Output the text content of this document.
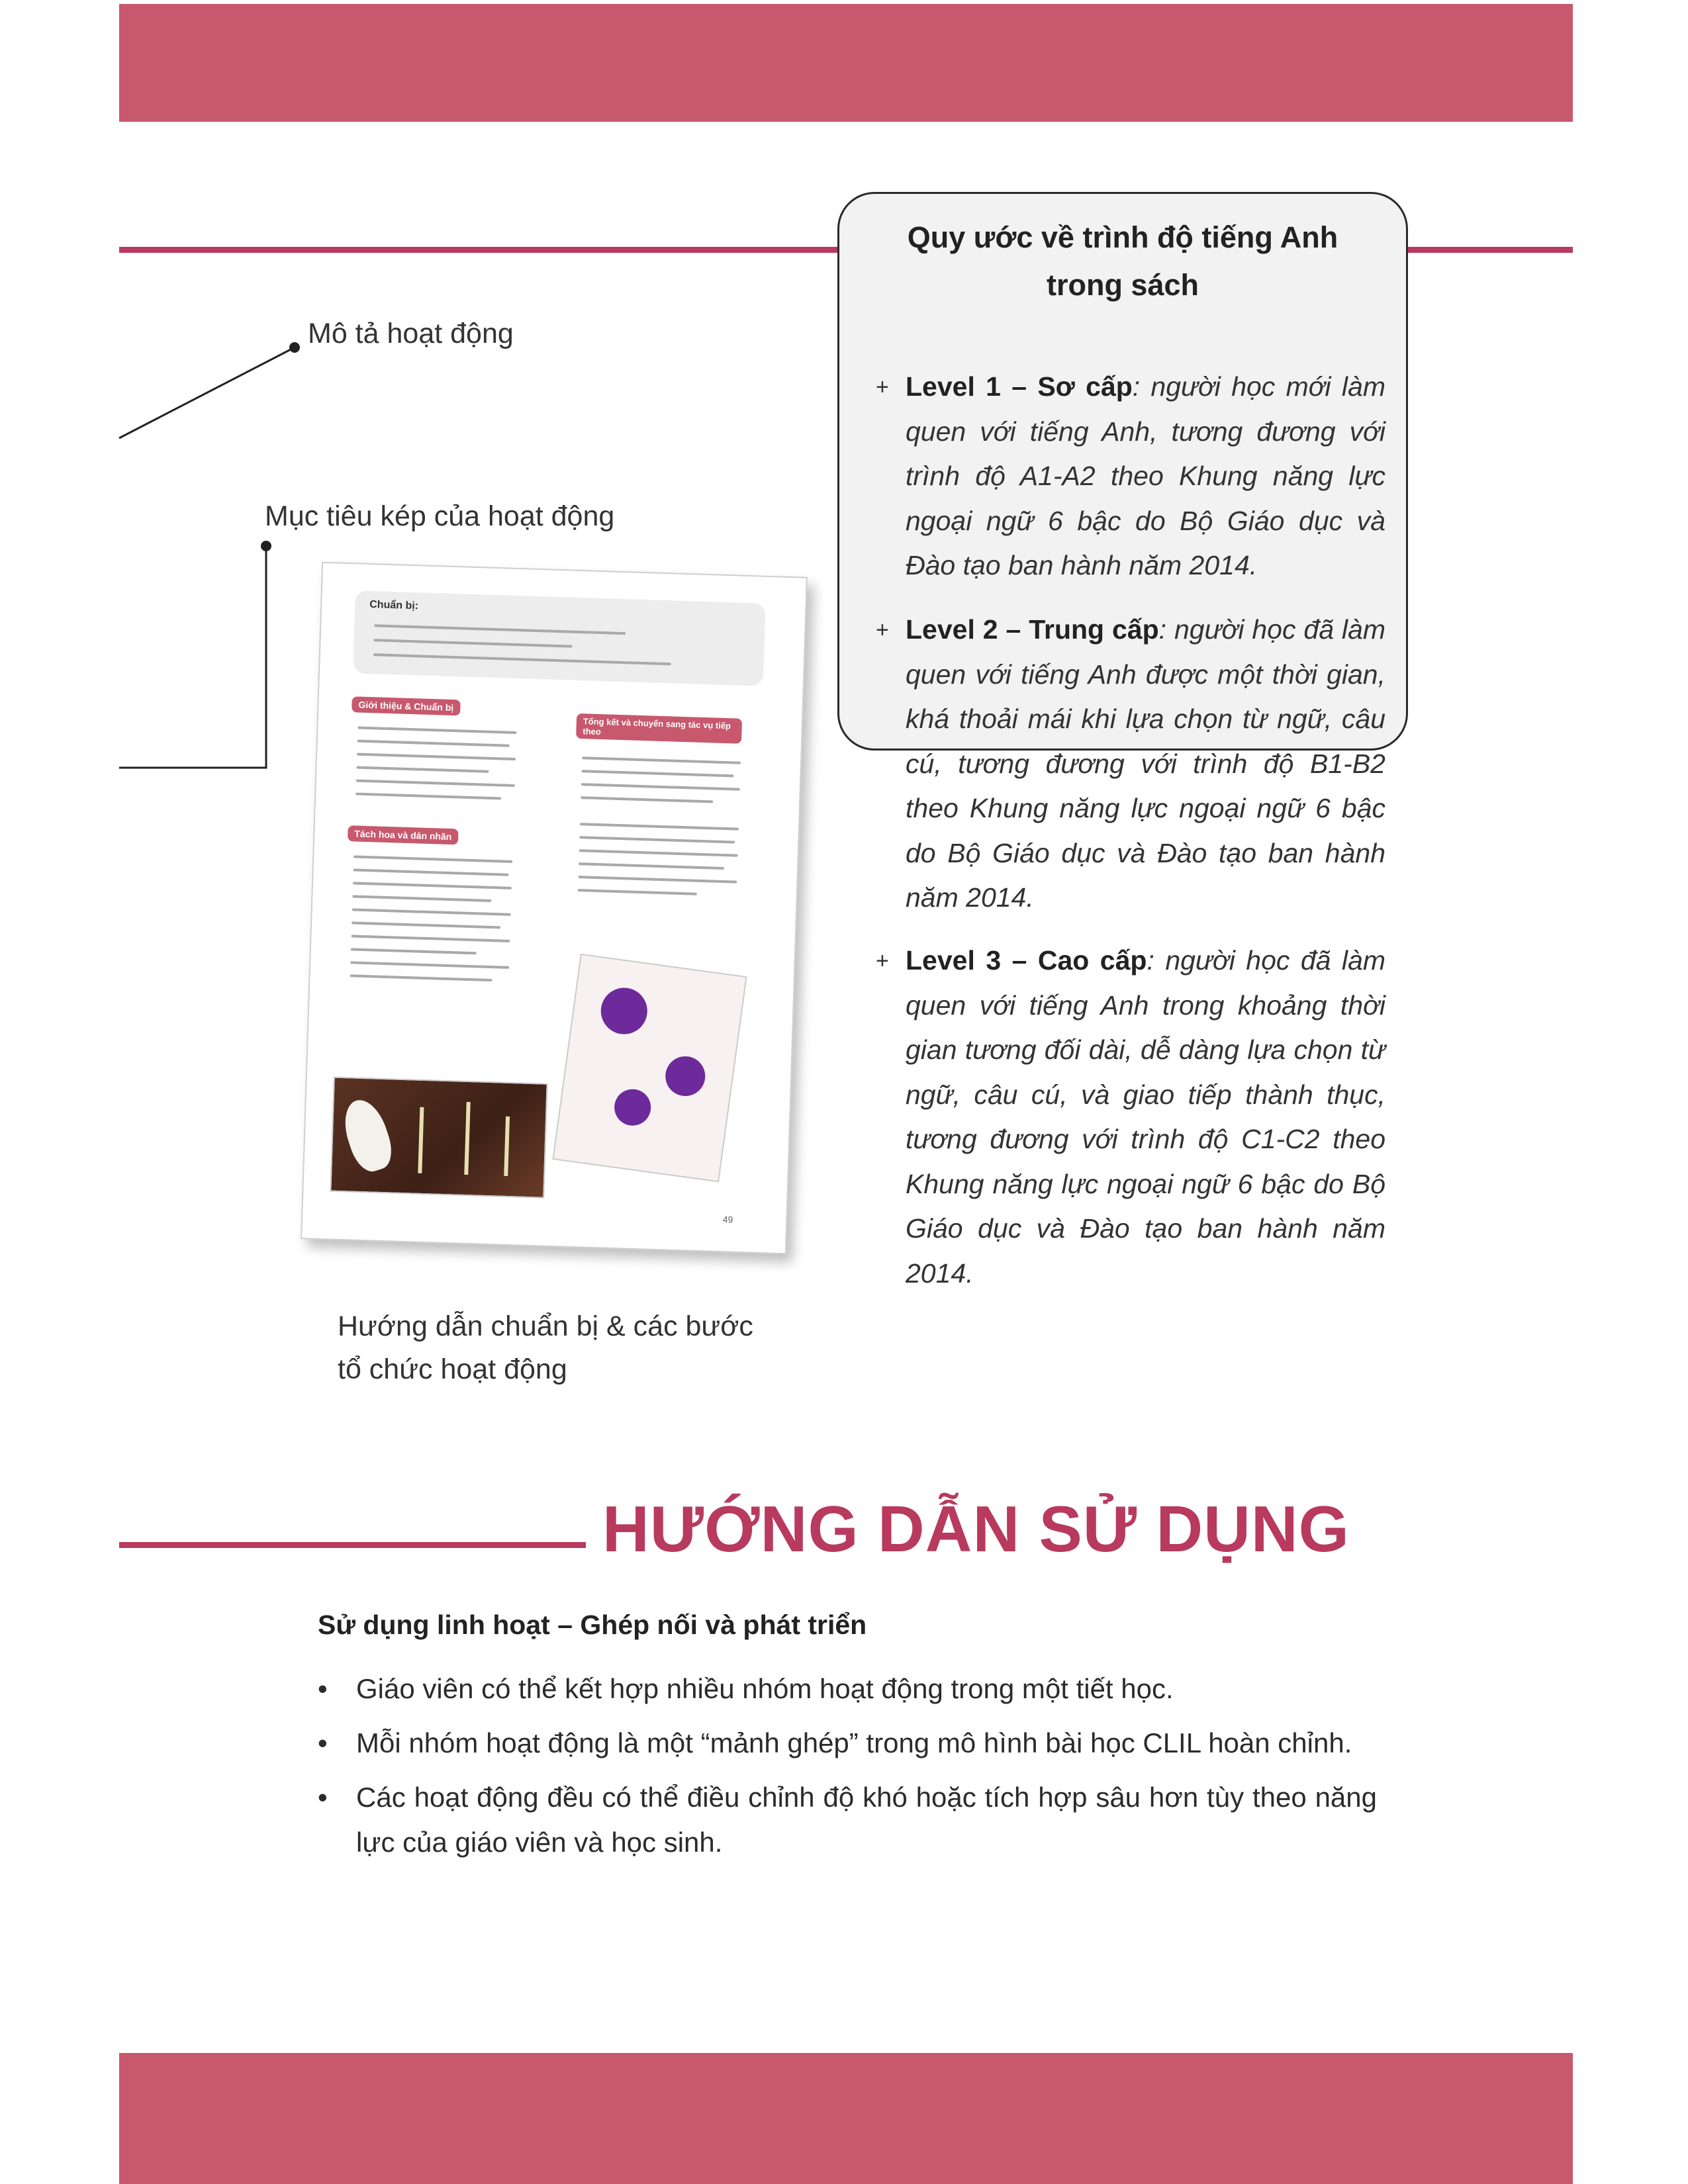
Mô tả hoạt động
Mục tiêu kép của hoạt động
Hướng dẫn chuẩn bị & các bước
tổ chức hoạt động
Chuẩn bị:
Giới thiệu & Chuẩn bị
Tách hoa và dán nhãn
Tổng kết và chuyển sang tác vụ tiếp theo
49
Quy ước về trình độ tiếng Anh
trong sách
+ Level 1 – Sơ cấp: người học mới làm quen với tiếng Anh, tương đương với trình độ A1-A2 theo Khung năng lực ngoại ngữ 6 bậc do Bộ Giáo dục và Đào tạo ban hành năm 2014.
+ Level 2 – Trung cấp: người học đã làm quen với tiếng Anh được một thời gian, khá thoải mái khi lựa chọn từ ngữ, câu cú, tương đương với trình độ B1-B2 theo Khung năng lực ngoại ngữ 6 bậc do Bộ Giáo dục và Đào tạo ban hành năm 2014.
+ Level 3 – Cao cấp: người học đã làm quen với tiếng Anh trong khoảng thời gian tương đối dài, dễ dàng lựa chọn từ ngữ, câu cú, và giao tiếp thành thục, tương đương với trình độ C1-C2 theo Khung năng lực ngoại ngữ 6 bậc do Bộ Giáo dục và Đào tạo ban hành năm 2014.
HƯỚNG DẪN SỬ DỤNG
Sử dụng linh hoạt – Ghép nối và phát triển
• Giáo viên có thể kết hợp nhiều nhóm hoạt động trong một tiết học.
• Mỗi nhóm hoạt động là một “mảnh ghép” trong mô hình bài học CLIL hoàn chỉnh.
• Các hoạt động đều có thể điều chỉnh độ khó hoặc tích hợp sâu hơn tùy theo năng lực của giáo viên và học sinh.
